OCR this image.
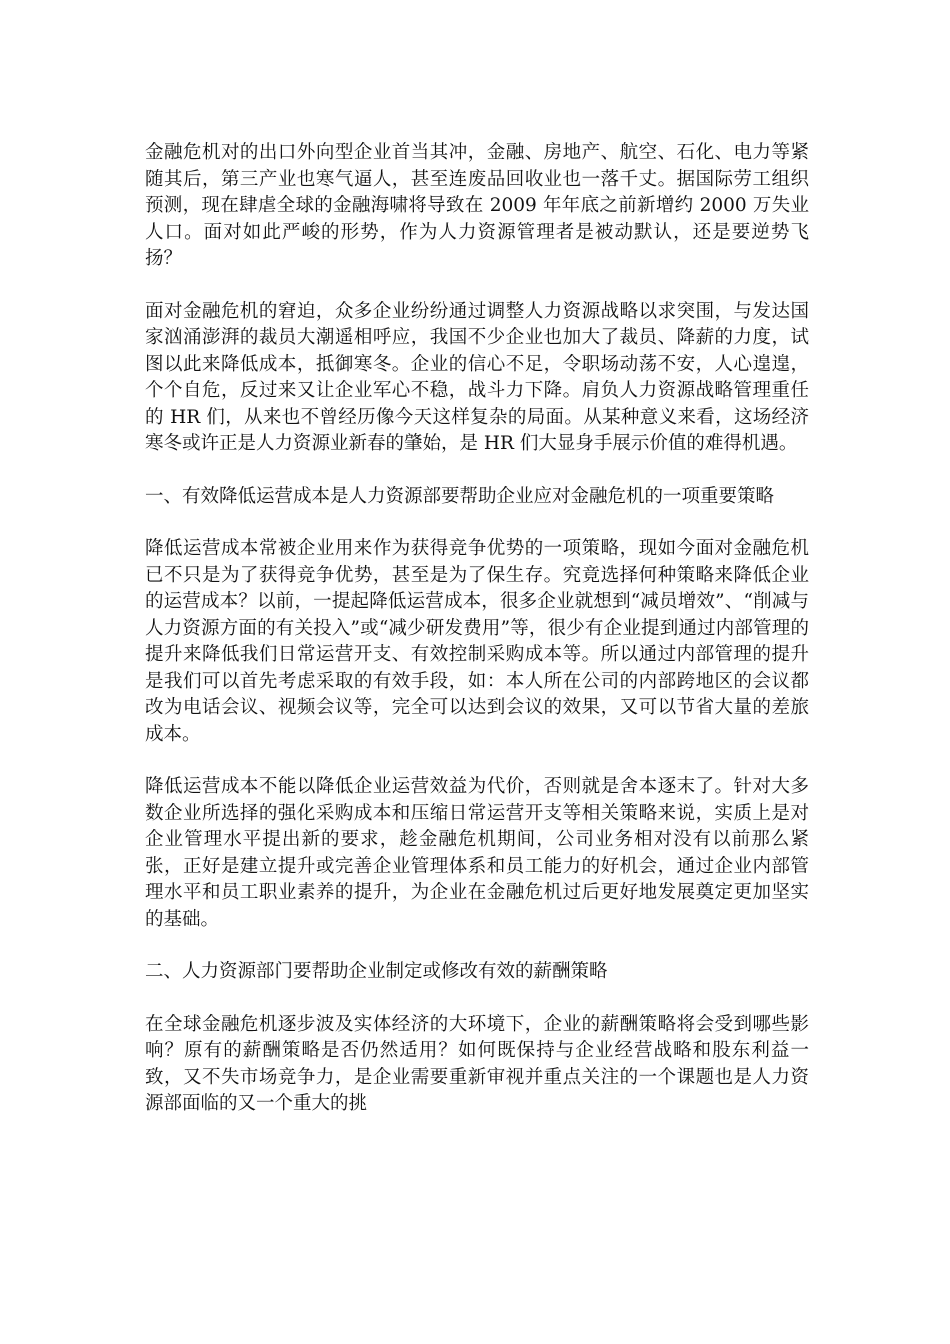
金融危机对的出口外向型企业首当其冲，金融、房地产、航空、石化、电力等紧随其后，第三产业也寒气逼人，甚至连废品回收业也一落千丈。据国际劳工组织预测，现在肆虐全球的金融海啸将导致在 2009 年年底之前新增约 2000 万失业人口。面对如此严峻的形势，作为人力资源管理者是被动默认，还是要逆势飞扬？

面对金融危机的窘迫，众多企业纷纷通过调整人力资源战略以求突围，与发达国家汹涌澎湃的裁员大潮遥相呼应，我国不少企业也加大了裁员、降薪的力度，试图以此来降低成本，抵御寒冬。企业的信心不足，令职场动荡不安，人心遑遑，个个自危，反过来又让企业军心不稳，战斗力下降。肩负人力资源战略管理重任的 HR 们，从来也不曾经历像今天这样复杂的局面。从某种意义来看，这场经济寒冬或许正是人力资源业新春的肇始，是 HR 们大显身手展示价值的难得机遇。

一、有效降低运营成本是人力资源部要帮助企业应对金融危机的一项重要策略

降低运营成本常被企业用来作为获得竞争优势的一项策略，现如今面对金融危机已不只是为了获得竞争优势，甚至是为了保生存。究竟选择何种策略来降低企业的运营成本？以前，一提起降低运营成本，很多企业就想到“减员增效”、“削减与人力资源方面的有关投入”或“减少研发费用”等，很少有企业提到通过内部管理的提升来降低我们日常运营开支、有效控制采购成本等。所以通过内部管理的提升是我们可以首先考虑采取的有效手段，如：本人所在公司的内部跨地区的会议都改为电话会议、视频会议等，完全可以达到会议的效果，又可以节省大量的差旅成本。

降低运营成本不能以降低企业运营效益为代价，否则就是舍本逐末了。针对大多数企业所选择的强化采购成本和压缩日常运营开支等相关策略来说，实质上是对企业管理水平提出新的要求，趁金融危机期间，公司业务相对没有以前那么紧张，正好是建立提升或完善企业管理体系和员工能力的好机会，通过企业内部管理水平和员工职业素养的提升，为企业在金融危机过后更好地发展奠定更加坚实的基础。

二、人力资源部门要帮助企业制定或修改有效的薪酬策略

在全球金融危机逐步波及实体经济的大环境下，企业的薪酬策略将会受到哪些影响？原有的薪酬策略是否仍然适用？如何既保持与企业经营战略和股东利益一致，又不失市场竞争力，是企业需要重新审视并重点关注的一个课题也是人力资源部面临的又一个重大的挑
